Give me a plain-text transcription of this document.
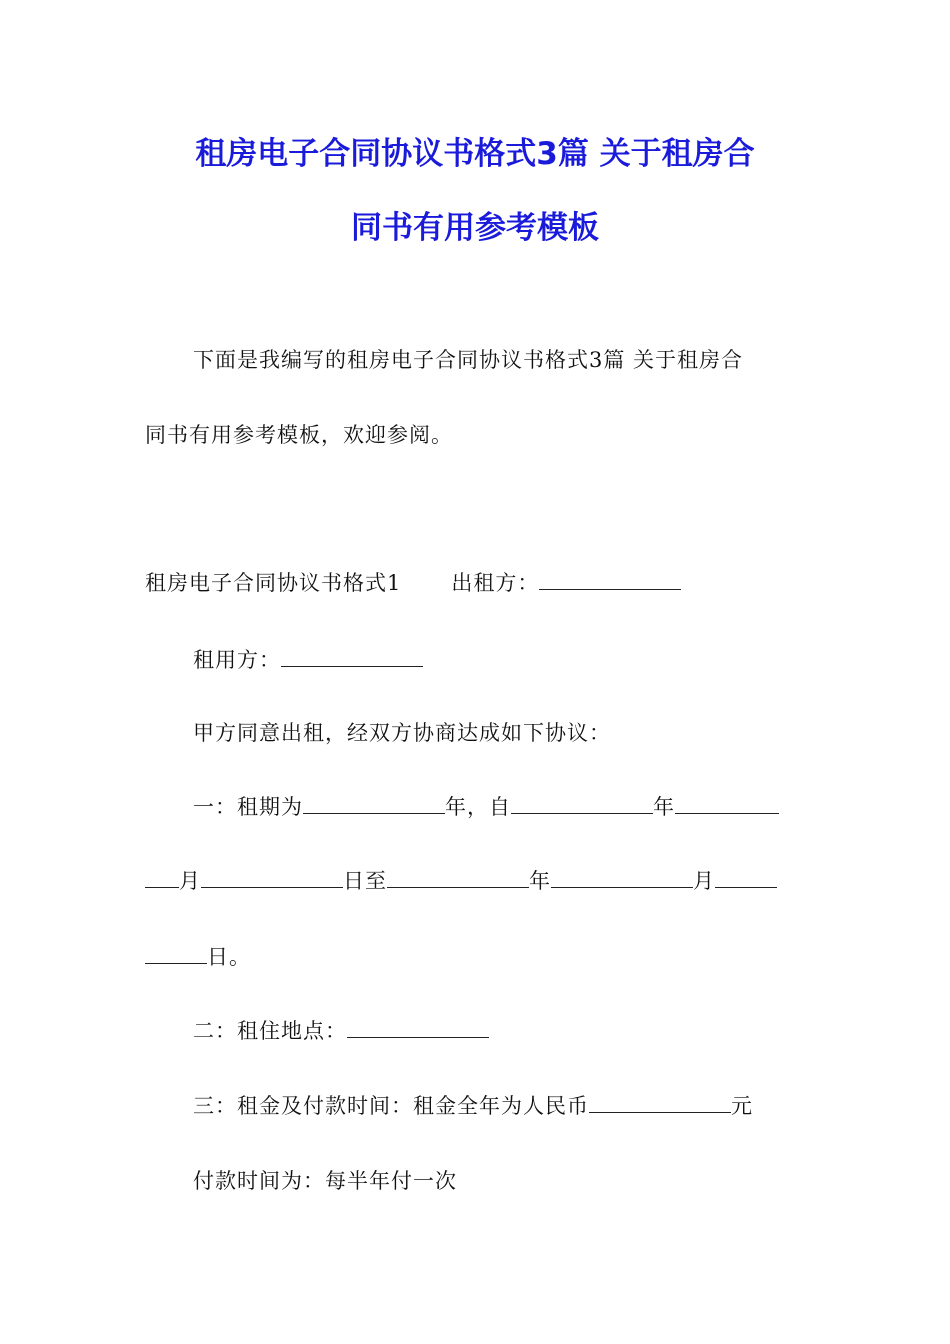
租房电子合同协议书格式3篇 关于租房合
同书有用参考模板
下面是我编写的租房电子合同协议书格式3篇 关于租房合
同书有用参考模板，欢迎参阅。
租房电子合同协议书格式1 出租方：
租用方：
甲方同意出租，经双方协商达成如下协议：
一：租期为	年，自	年
月	日至	年	月
日。
二：租住地点：
三：租金及付款时间：租金全年为人民币	元
付款时间为：每半年付一次
